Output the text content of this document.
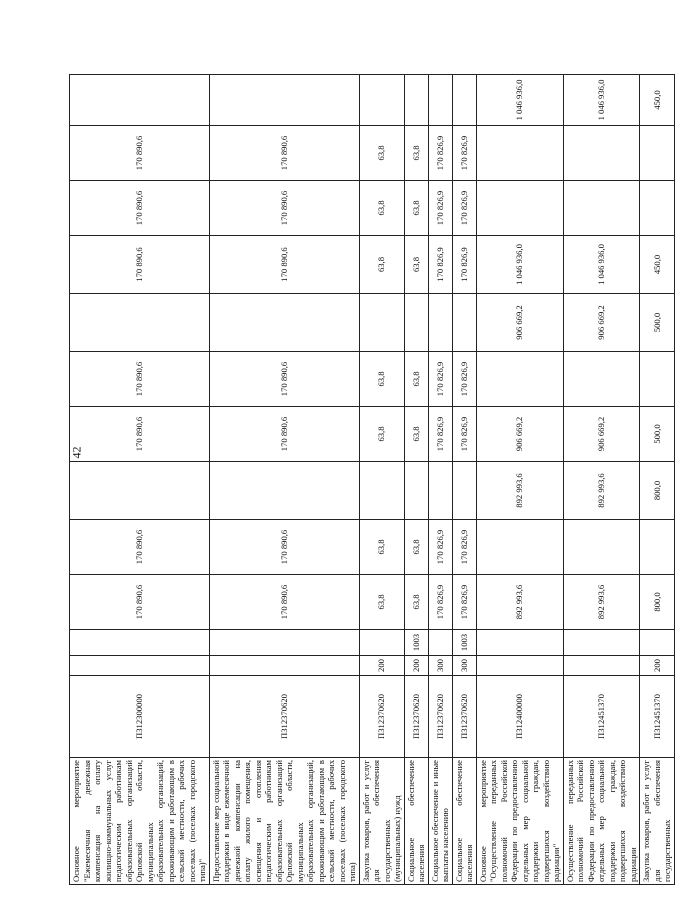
42
Основное мероприятие "Ежемесячная денежная компенсация на оплату жилищно-коммунальных услуг педагогическим работникам образовательных организаций Орловской области, муниципальных образовательных организаций, проживающим и работающим в сельской местности, рабочих поселках (поселках городского типа)"	П312300000			170 890,6	170 890,6		170 890,6	170 890,6		170 890,6	170 890,6	170 890,6	
Предоставление мер социальной поддержки в виде ежемесячной денежной компенсации на оплату жилого помещения, освещения и отопления педагогическим работникам образовательных организаций Орловской области, муниципальных образовательных организаций, проживающим и работающим в сельской местности, рабочих поселках (поселках городского типа)	П312370620			170 890,6	170 890,6		170 890,6	170 890,6		170 890,6	170 890,6	170 890,6	
Закупка товаров, работ и услуг для обеспечения государственных (муниципальных) нужд	П312370620	200		63,8	63,8		63,8	63,8		63,8	63,8	63,8	
Социальное обеспечение населения	П312370620	200	1003	63,8	63,8		63,8	63,8		63,8	63,8	63,8	
Социальное обеспечение и иные выплаты населению	П312370620	300		170 826,9	170 826,9		170 826,9	170 826,9		170 826,9	170 826,9	170 826,9	
Социальное обеспечение населения	П312370620	300	1003	170 826,9	170 826,9		170 826,9	170 826,9		170 826,9	170 826,9	170 826,9	
Основное мероприятие "Осуществление переданных полномочий Российской Федерации по предоставлению отдельных мер социальной поддержки граждан, подвергшихся воздействию радиации"	П312400000			892 993,6		892 993,6	906 669,2		906 669,2	1 046 936,0			1 046 936,0
Осуществление переданных полномочий Российской Федерации по предоставлению отдельных мер социальной поддержки граждан, подвергшихся воздействию радиации	П312451370			892 993,6		892 993,6	906 669,2		906 669,2	1 046 936,0			1 046 936,0
Закупка товаров, работ и услуг для обеспечения государственных	П312451370	200		800,0		800,0	500,0		500,0	450,0			450,0
